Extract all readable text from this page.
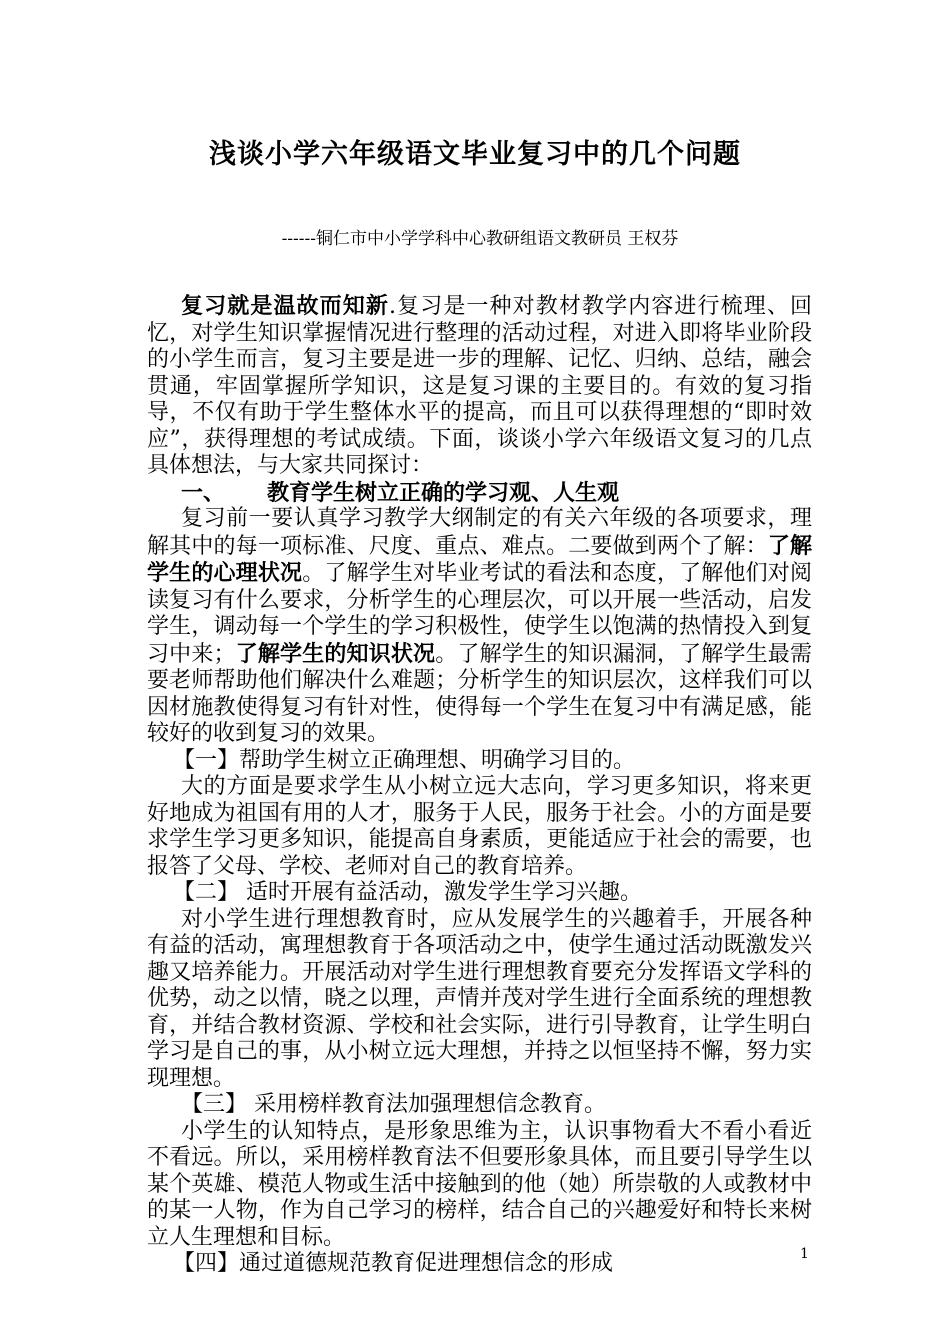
浅谈小学六年级语文毕业复习中的几个问题
------铜仁市中小学学科中心教研组语文教研员 王权芬

复习就是温故而知新.复习是一种对教材教学内容进行梳理、回忆，对学生知识掌握情况进行整理的活动过程，对进入即将毕业阶段的小学生而言，复习主要是进一步的理解、记忆、归纳、总结，融会贯通，牢固掌握所学知识，这是复习课的主要目的。有效的复习指导，不仅有助于学生整体水平的提高，而且可以获得理想的“即时效应”，获得理想的考试成绩。下面，谈谈小学六年级语文复习的几点具体想法，与大家共同探讨：

一、 教育学生树立正确的学习观、人生观

复习前一要认真学习教学大纲制定的有关六年级的各项要求，理解其中的每一项标准、尺度、重点、难点。二要做到两个了解：了解学生的心理状况。了解学生对毕业考试的看法和态度，了解他们对阅读复习有什么要求，分析学生的心理层次，可以开展一些活动，启发学生，调动每一个学生的学习积极性，使学生以饱满的热情投入到复习中来；了解学生的知识状况。了解学生的知识漏洞，了解学生最需要老师帮助他们解决什么难题；分析学生的知识层次，这样我们可以因材施教使得复习有针对性，使得每一个学生在复习中有满足感，能较好的收到复习的效果。

【一】帮助学生树立正确理想、明确学习目的。

大的方面是要求学生从小树立远大志向，学习更多知识，将来更好地成为祖国有用的人才，服务于人民，服务于社会。小的方面是要求学生学习更多知识，能提高自身素质，更能适应于社会的需要，也报答了父母、学校、老师对自己的教育培养。

【二】 适时开展有益活动，激发学生学习兴趣。

对小学生进行理想教育时，应从发展学生的兴趣着手，开展各种有益的活动，寓理想教育于各项活动之中，使学生通过活动既激发兴趣又培养能力。开展活动对学生进行理想教育要充分发挥语文学科的优势，动之以情，晓之以理，声情并茂对学生进行全面系统的理想教育，并结合教材资源、学校和社会实际，进行引导教育，让学生明白学习是自己的事，从小树立远大理想，并持之以恒坚持不懈，努力实现理想。

【三】 采用榜样教育法加强理想信念教育。

小学生的认知特点，是形象思维为主，认识事物看大不看小看近不看远。所以，采用榜样教育法不但要形象具体，而且要引导学生以某个英雄、模范人物或生活中接触到的他（她）所崇敬的人或教材中的某一人物，作为自己学习的榜样，结合自己的兴趣爱好和特长来树立人生理想和目标。

【四】通过道德规范教育促进理想信念的形成	1
